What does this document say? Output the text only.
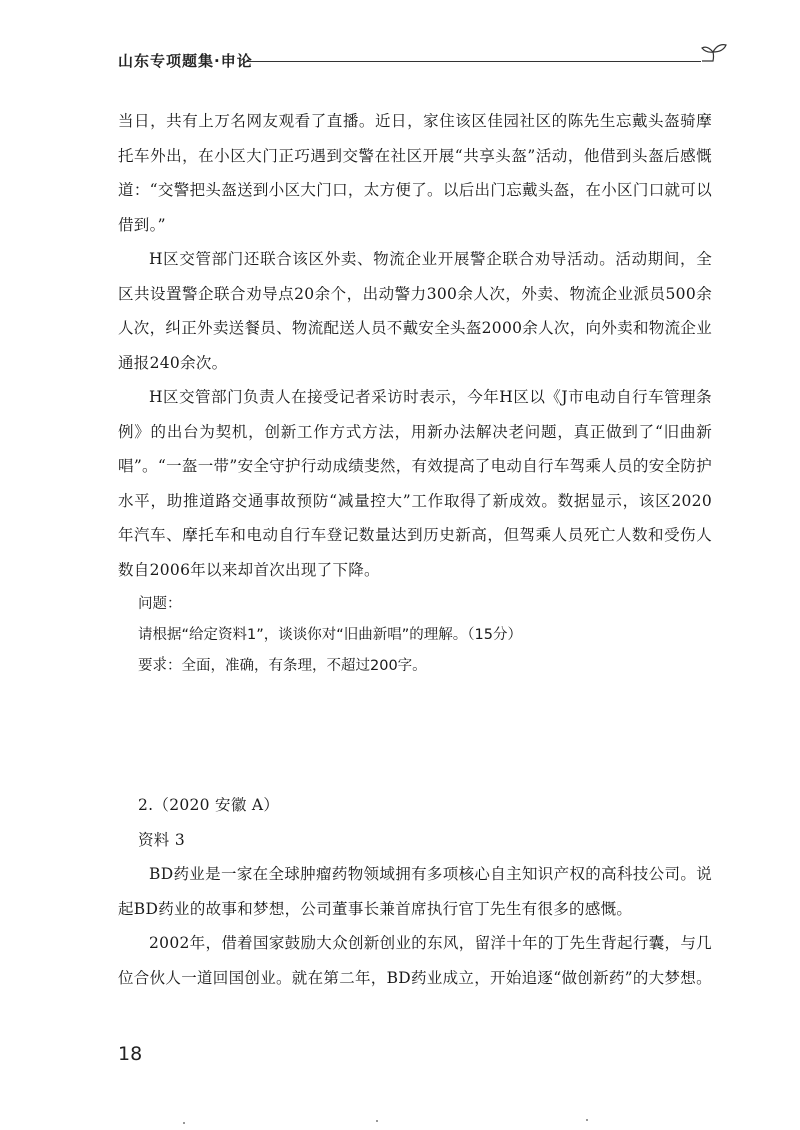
山东专项题集·申论

当日，共有上万名网友观看了直播。近日，家住该区佳园社区的陈先生忘戴头盔骑摩托车外出，在小区大门正巧遇到交警在社区开展“共享头盔”活动，他借到头盔后感慨道：“交警把头盔送到小区大门口，太方便了。以后出门忘戴头盔，在小区门口就可以借到。”

H区交管部门还联合该区外卖、物流企业开展警企联合劝导活动。活动期间，全区共设置警企联合劝导点20余个，出动警力300余人次，外卖、物流企业派员500余人次，纠正外卖送餐员、物流配送人员不戴安全头盔2000余人次，向外卖和物流企业通报240余次。

H区交管部门负责人在接受记者采访时表示，今年H区以《J市电动自行车管理条例》的出台为契机，创新工作方式方法，用新办法解决老问题，真正做到了“旧曲新唱”。“一盔一带”安全守护行动成绩斐然，有效提高了电动自行车驾乘人员的安全防护水平，助推道路交通事故预防“减量控大”工作取得了新成效。数据显示，该区2020年汽车、摩托车和电动自行车登记数量达到历史新高，但驾乘人员死亡人数和受伤人数自2006年以来却首次出现了下降。

问题：
请根据“给定资料1”，谈谈你对“旧曲新唱”的理解。（15分）
要求：全面，准确，有条理，不超过200字。

2.（2020 安徽 A）

资料 3

BD药业是一家在全球肿瘤药物领域拥有多项核心自主知识产权的高科技公司。说起BD药业的故事和梦想，公司董事长兼首席执行官丁先生有很多的感慨。

2002年，借着国家鼓励大众创新创业的东风，留洋十年的丁先生背起行囊，与几位合伙人一道回国创业。就在第二年，BD药业成立，开始追逐“做创新药”的大梦想。

18
